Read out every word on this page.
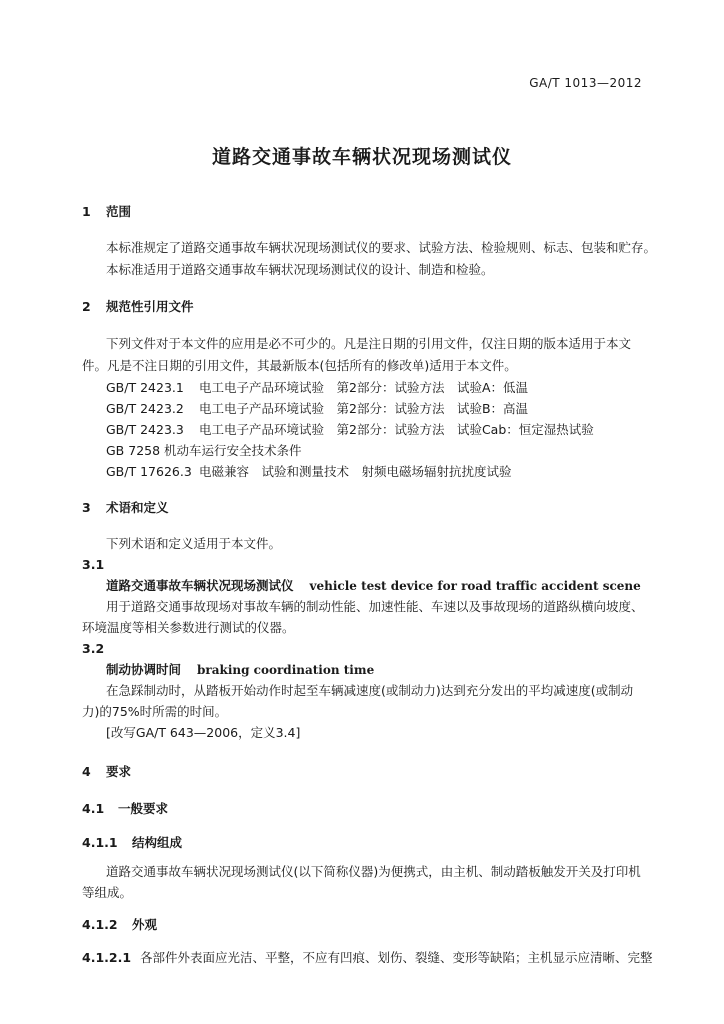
GA/T 1013—2012
道路交通事故车辆状况现场测试仪
1 范围
本标准规定了道路交通事故车辆状况现场测试仪的要求、试验方法、检验规则、标志、包装和贮存。
本标准适用于道路交通事故车辆状况现场测试仪的设计、制造和检验。
2 规范性引用文件
下列文件对于本文件的应用是必不可少的。凡是注日期的引用文件，仅注日期的版本适用于本文
件。凡是不注日期的引用文件，其最新版本(包括所有的修改单)适用于本文件。
GB/T 2423.1 电工电子产品环境试验　第2部分：试验方法　试验A：低温
GB/T 2423.2 电工电子产品环境试验　第2部分：试验方法　试验B：高温
GB/T 2423.3 电工电子产品环境试验　第2部分：试验方法　试验Cab：恒定湿热试验
GB 7258 机动车运行安全技术条件
GB/T 17626.3 电磁兼容　试验和测量技术　射频电磁场辐射抗扰度试验
3 术语和定义
下列术语和定义适用于本文件。
3.1
道路交通事故车辆状况现场测试仪 vehicle test device for road traffic accident scene
用于道路交通事故现场对事故车辆的制动性能、加速性能、车速以及事故现场的道路纵横向坡度、
环境温度等相关参数进行测试的仪器。
3.2
制动协调时间 braking coordination time
在急踩制动时，从踏板开始动作时起至车辆减速度(或制动力)达到充分发出的平均减速度(或制动
力)的75%时所需的时间。
[改写GA/T 643—2006，定义3.4]
4 要求
4.1 一般要求
4.1.1 结构组成
道路交通事故车辆状况现场测试仪(以下简称仪器)为便携式，由主机、制动踏板触发开关及打印机
等组成。
4.1.2 外观
4.1.2.1 各部件外表面应光洁、平整，不应有凹痕、划伤、裂缝、变形等缺陷；主机显示应清晰、完整
